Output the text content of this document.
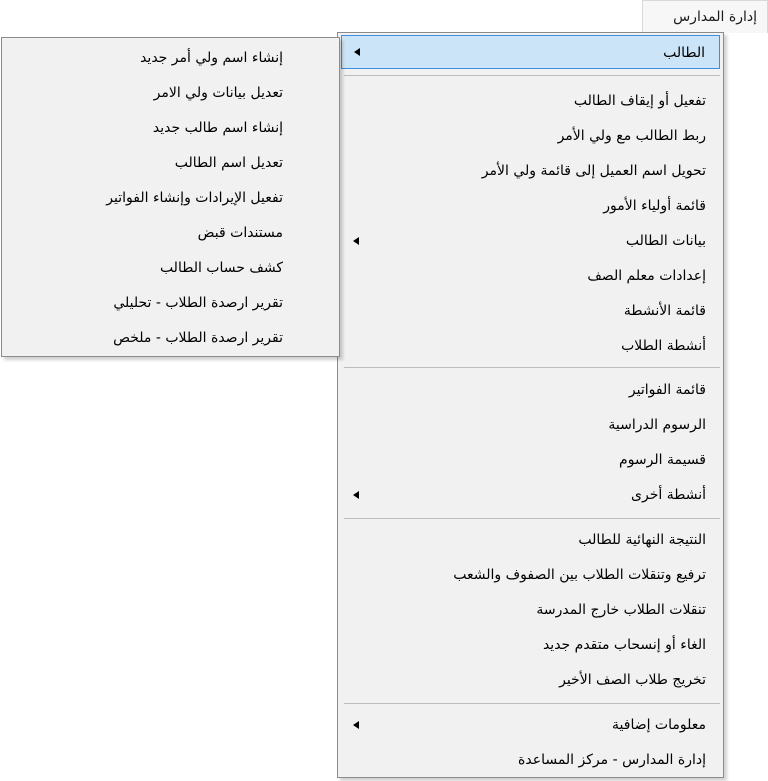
إدارة المدارس
الطالب
تفعيل أو إيقاف الطالب
ربط الطالب مع ولي الأمر
تحويل اسم العميل إلى قائمة ولي الأمر
قائمة أولياء الأمور
بيانات الطالب
إعدادات معلم الصف
قائمة الأنشطة
أنشطة الطلاب
قائمة الفواتير
الرسوم الدراسية
قسيمة الرسوم
أنشطة أخرى
النتيجة النهائية للطالب
ترفيع وتنقلات الطلاب بين الصفوف والشعب
تنقلات الطلاب خارج المدرسة
الغاء أو إنسحاب متقدم جديد
تخريج طلاب الصف الأخير
معلومات إضافية
إدارة المدارس - مركز المساعدة
إنشاء اسم ولي أمر جديد
تعديل بيانات ولي الامر
إنشاء اسم طالب جديد
تعديل اسم الطالب
تفعيل الإيرادات وإنشاء الفواتير
مستندات قبض
كشف حساب الطالب
تقرير ارصدة الطلاب - تحليلي
تقرير ارصدة الطلاب - ملخص
